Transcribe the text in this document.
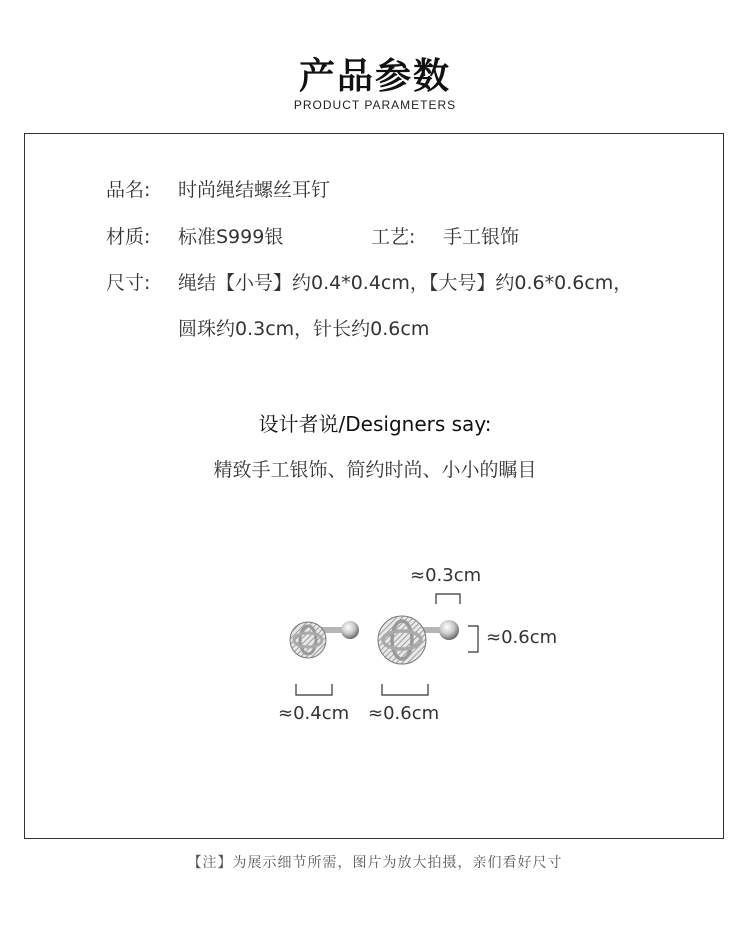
产品参数
PRODUCT PARAMETERS
品名: 时尚绳结螺丝耳钉
材质: 标准S999银	工艺: 手工银饰
尺寸: 绳结【小号】约0.4*0.4cm，【大号】约0.6*0.6cm，
圆珠约0.3cm，针长约0.6cm
设计者说/Designers say:
精致手工银饰、简约时尚、小小的瞩目
≈0.3cm
≈0.6cm
≈0.4cm ≈0.6cm
【注】为展示细节所需，图片为放大拍摄，亲们看好尺寸
